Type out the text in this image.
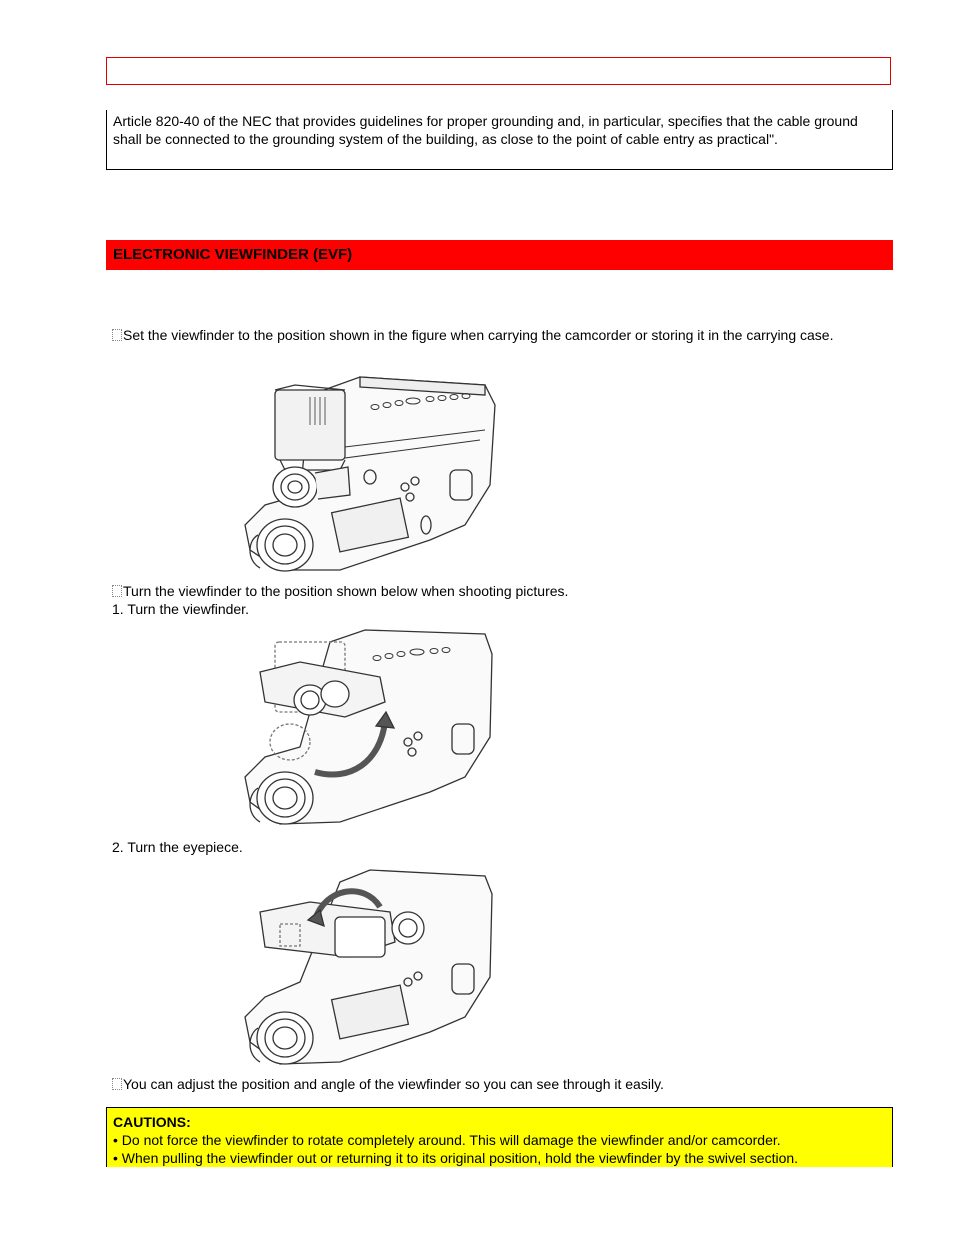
Article 820-40 of the NEC that provides guidelines for proper grounding and, in particular, specifies that the cable ground shall be connected to the grounding system of the building, as close to the point of cable entry as practical".
ELECTRONIC VIEWFINDER (EVF)
Set the viewfinder to the position shown in the figure when carrying the camcorder or storing it in the carrying case.
Turn the viewfinder to the position shown below when shooting pictures.
1. Turn the viewfinder.
2. Turn the eyepiece.
You can adjust the position and angle of the viewfinder so you can see through it easily.
CAUTIONS:
• Do not force the viewfinder to rotate completely around. This will damage the viewfinder and/or camcorder.
• When pulling the viewfinder out or returning it to its original position, hold the viewfinder by the swivel section.
